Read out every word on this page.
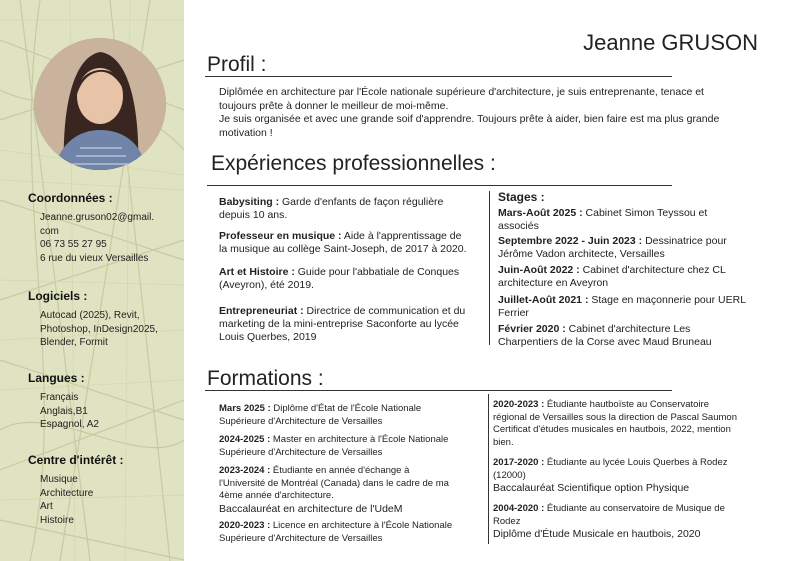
Coordonnées :
Jeanne.gruson02@gmail.
com
06 73 55 27 95
6 rue du vieux Versailles
Logiciels :
Autocad (2025), Revit,
Photoshop, InDesign2025,
Blender, Formit
Langues :
Français
Anglais,B1
Espagnol, A2
Centre d'intérêt :
Musique
Architecture
Art
Histoire
Jeanne GRUSON
Profil :
Diplômée en architecture par l'École nationale supérieure d'architecture, je suis entreprenante, tenace et
toujours prête à donner le meilleur de moi-même.
Je suis organisée et avec une grande soif d'apprendre. Toujours prête à aider, bien faire est ma plus grande
motivation !
Expériences professionnelles :
Babysiting : Garde d'enfants de façon régulière
depuis 10 ans.
Professeur en musique : Aide à l'apprentissage de
la musique au collège Saint-Joseph, de 2017 à 2020.
Art et Histoire : Guide pour l'abbatiale de Conques
(Aveyron), été 2019.
Entrepreneuriat : Directrice de communication et du
marketing de la mini-entreprise Saconforte au lycée
Louis Querbes, 2019
Stages :
Mars-Août 2025 : Cabinet Simon Teyssou et
associés
Septembre 2022 - Juin 2023 : Dessinatrice pour
Jérôme Vadon architecte, Versailles
Juin-Août 2022 : Cabinet d'architecture chez CL
architecture en Aveyron
Juillet-Août 2021 : Stage en maçonnerie pour UERL
Ferrier
Février 2020 : Cabinet d'architecture Les
Charpentiers de la Corse avec Maud Bruneau
Formations :
Mars 2025 : Diplôme d'État de l'École Nationale
Supérieure d'Architecture de Versailles
2024-2025 : Master en architecture à l'École Nationale
Supérieure d'Architecture de Versailles
2023-2024 : Étudiante en année d'échange à
l'Université de Montréal (Canada) dans le cadre de ma
4ème année d'architecture.
Baccalauréat en architecture de l'UdeM
2020-2023 : Licence en architecture à l'École Nationale
Supérieure d'Architecture de Versailles
2020-2023 : Étudiante hautboïste au Conservatoire
régional de Versailles sous la direction de Pascal Saumon
Certificat d'études musicales en hautbois, 2022, mention
bien.
2017-2020 : Étudiante au lycée Louis Querbes à Rodez
(12000)
Baccalauréat Scientifique option Physique
2004-2020 : Étudiante au conservatoire de Musique de
Rodez
Diplôme d'Étude Musicale en hautbois, 2020
